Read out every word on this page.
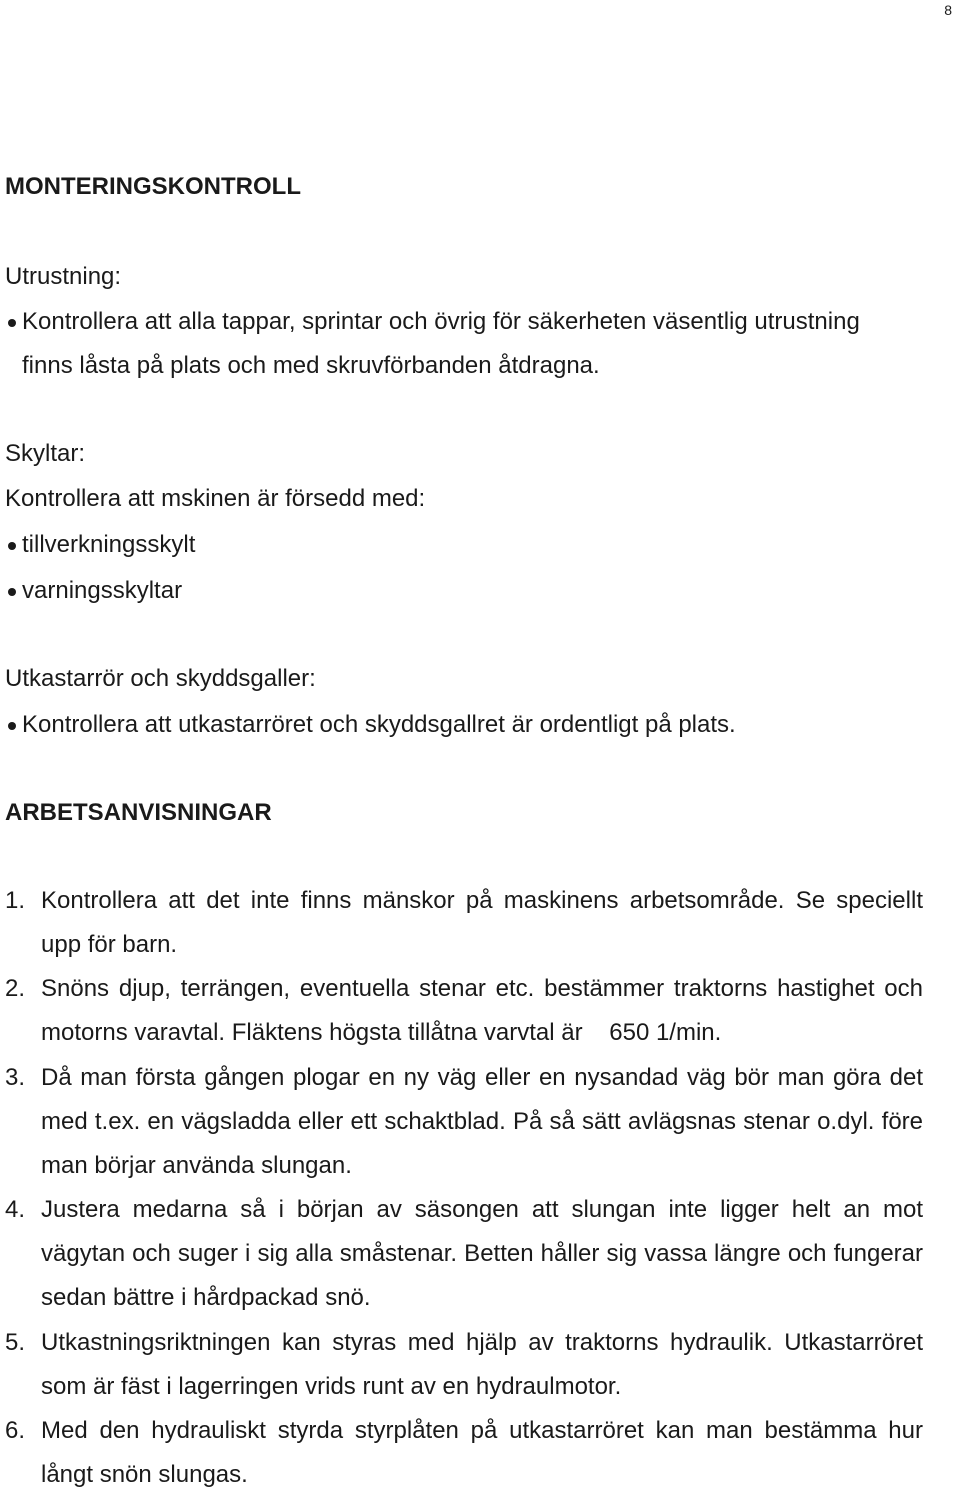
8
MONTERINGSKONTROLL
Utrustning:
Kontrollera att alla tappar, sprintar och övrig för säkerheten väsentlig utrustning
finns låsta på plats och med skruvförbanden åtdragna.
Skyltar:
Kontrollera att mskinen är försedd med:
tillverkningsskylt
varningsskyltar
Utkastarrör och skyddsgaller:
Kontrollera att utkastarröret och skyddsgallret är ordentligt på plats.
ARBETSANVISNINGAR
1. Kontrollera att det inte finns mänskor på maskinens arbetsområde. Se speciellt upp för barn.
2. Snöns djup, terrängen, eventuella stenar etc. bestämmer traktorns hastighet och motorns varavtal. Fläktens högsta tillåtna varvtal är    650 1/min.
3. Då man första gången plogar en ny väg eller en nysandad väg bör man göra det med t.ex. en vägsladda eller ett schaktblad. På så sätt avlägsnas stenar o.dyl. före man börjar använda slungan.
4. Justera medarna så i början av säsongen att slungan inte ligger helt an mot vägytan och suger i sig alla småstenar. Betten håller sig vassa längre och fungerar sedan bättre i hårdpackad snö.
5. Utkastningsriktningen kan styras med hjälp av traktorns hydraulik. Utkastarröret som är fäst i lagerringen vrids runt av en hydraulmotor.
6. Med den hydrauliskt styrda styrplåten på utkastarröret kan man bestämma hur långt snön slungas.
